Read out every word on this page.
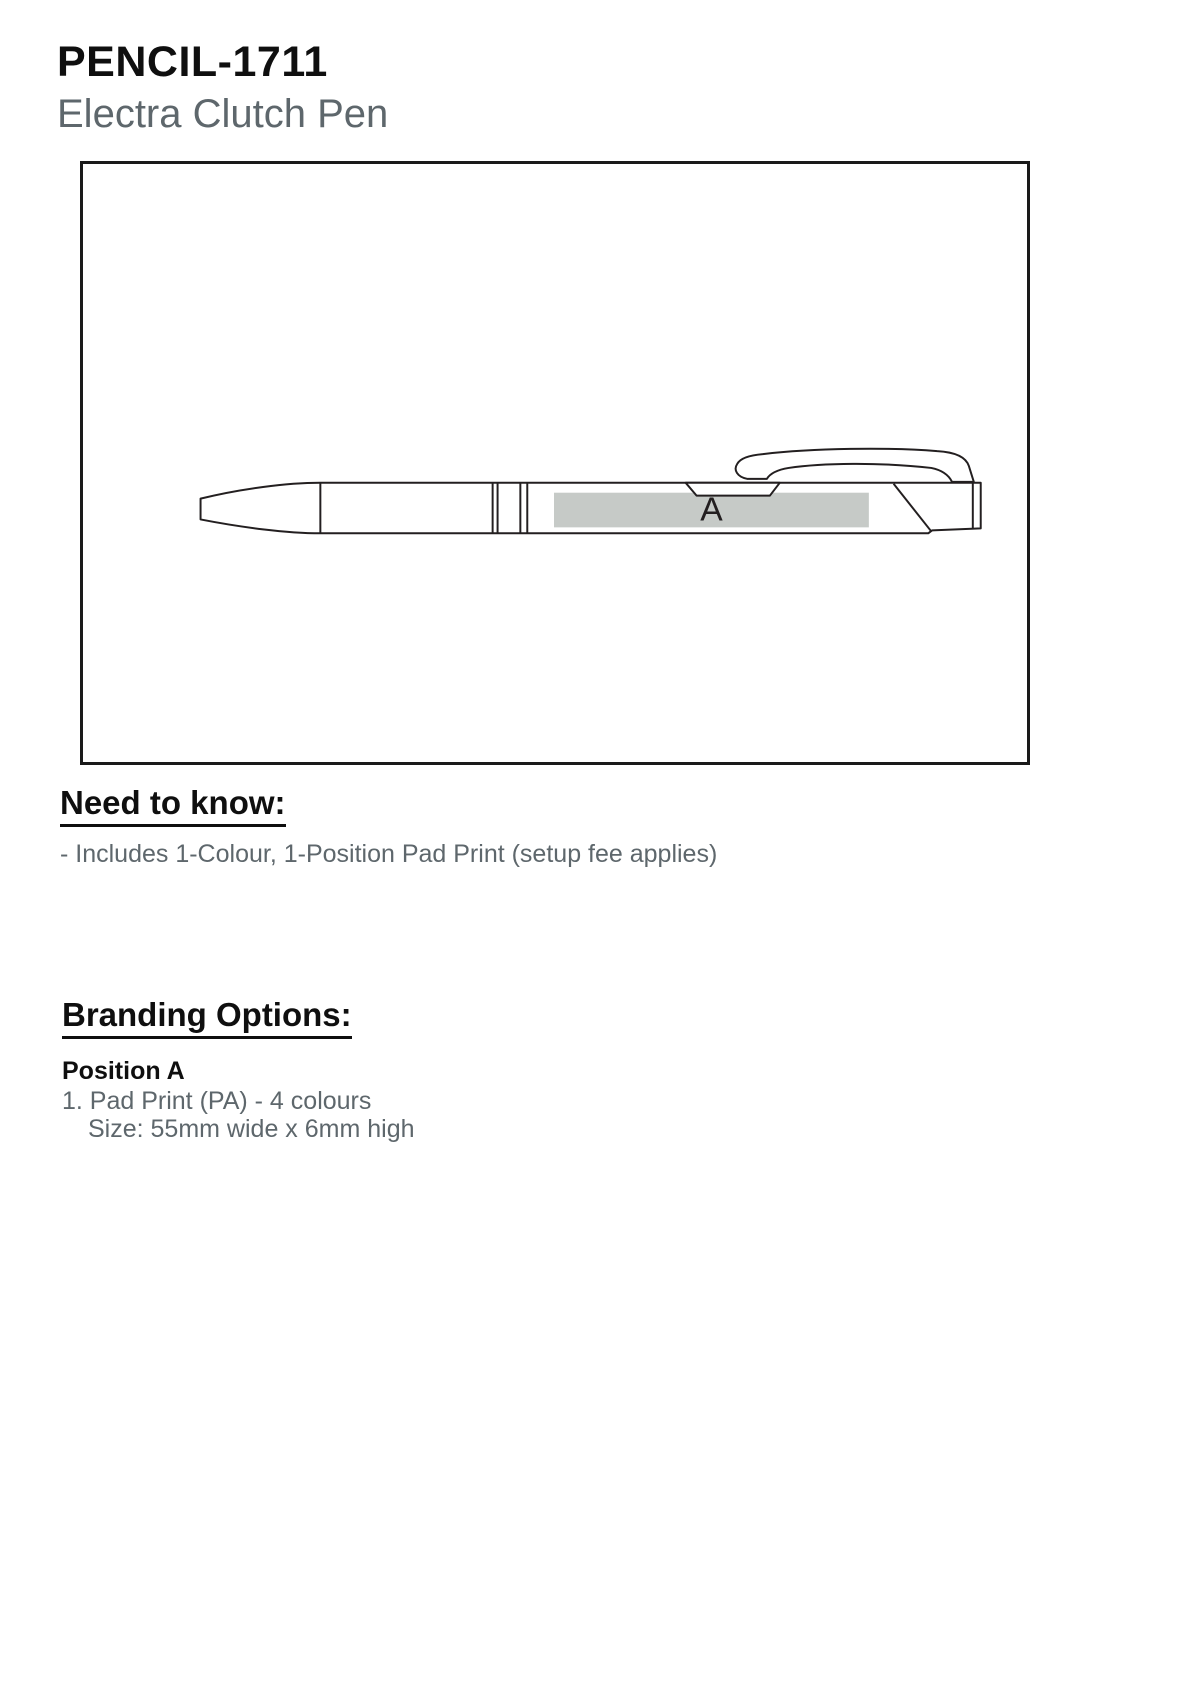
PENCIL-1711
Electra Clutch Pen
A
Need to know:
- Includes 1-Colour, 1-Position Pad Print (setup fee applies)
Branding Options:
Position A
1. Pad Print (PA) - 4 colours
Size: 55mm wide x 6mm high
